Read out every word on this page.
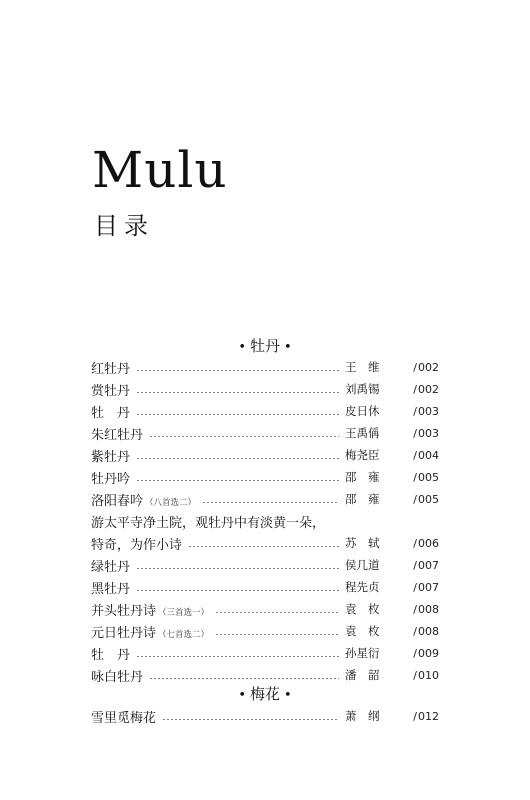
Mulu
目录
• 牡丹 •
红牡丹	王　维	/002
赏牡丹	刘禹锡	/002
牡　丹	皮日休	/003
朱红牡丹	王禹偁	/003
紫牡丹	梅尧臣	/004
牡丹吟	邵　雍	/005
洛阳春吟 （八首选二）	邵　雍	/005
游太平寺净土院，观牡丹中有淡黄一朵，
特奇，为作小诗	苏　轼	/006
绿牡丹	侯几道	/007
黑牡丹	程先贞	/007
并头牡丹诗 （三首选一）	袁　枚	/008
元日牡丹诗 （七首选二）	袁　枚	/008
牡　丹	孙星衍	/009
咏白牡丹	潘　韶	/010
• 梅花 •
雪里觅梅花	萧　纲	/012
